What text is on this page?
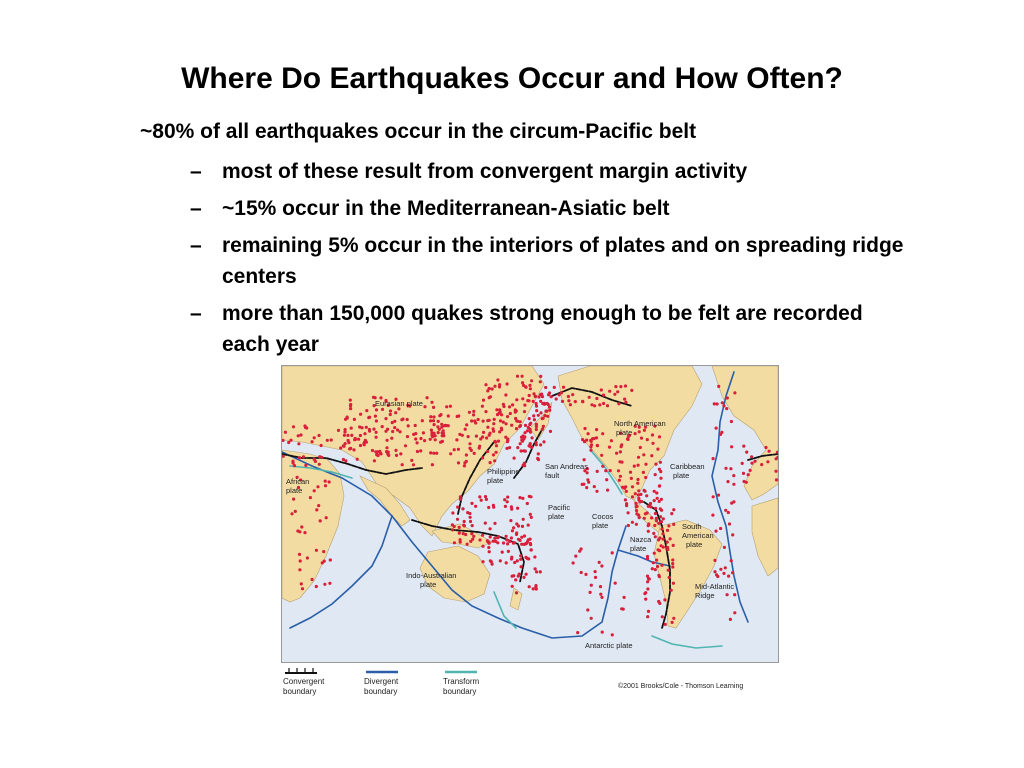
Where Do Earthquakes Occur and How Often?
~80% of all earthquakes occur in the circum-Pacific belt
– most of these result from convergent margin activity
– ~15% occur in the Mediterranean-Asiatic belt
– remaining 5% occur in the interiors of plates and on spreading ridge centers
– more than 150,000 quakes strong enough to be felt are recorded each year
Eurasian plate
North American
plate
African
plate
Philippine
plate
San Andreas
fault
Caribbean
plate
Pacific
plate	Cocos
plate	South
American
plate
Nazca
plate
Indo-Australian
plate	Mid-Atlantic
Ridge
Antarctic plate
Convergent
boundary
Divergent
boundary
Transform
boundary
©2001 Brooks/Cole - Thomson Learning
